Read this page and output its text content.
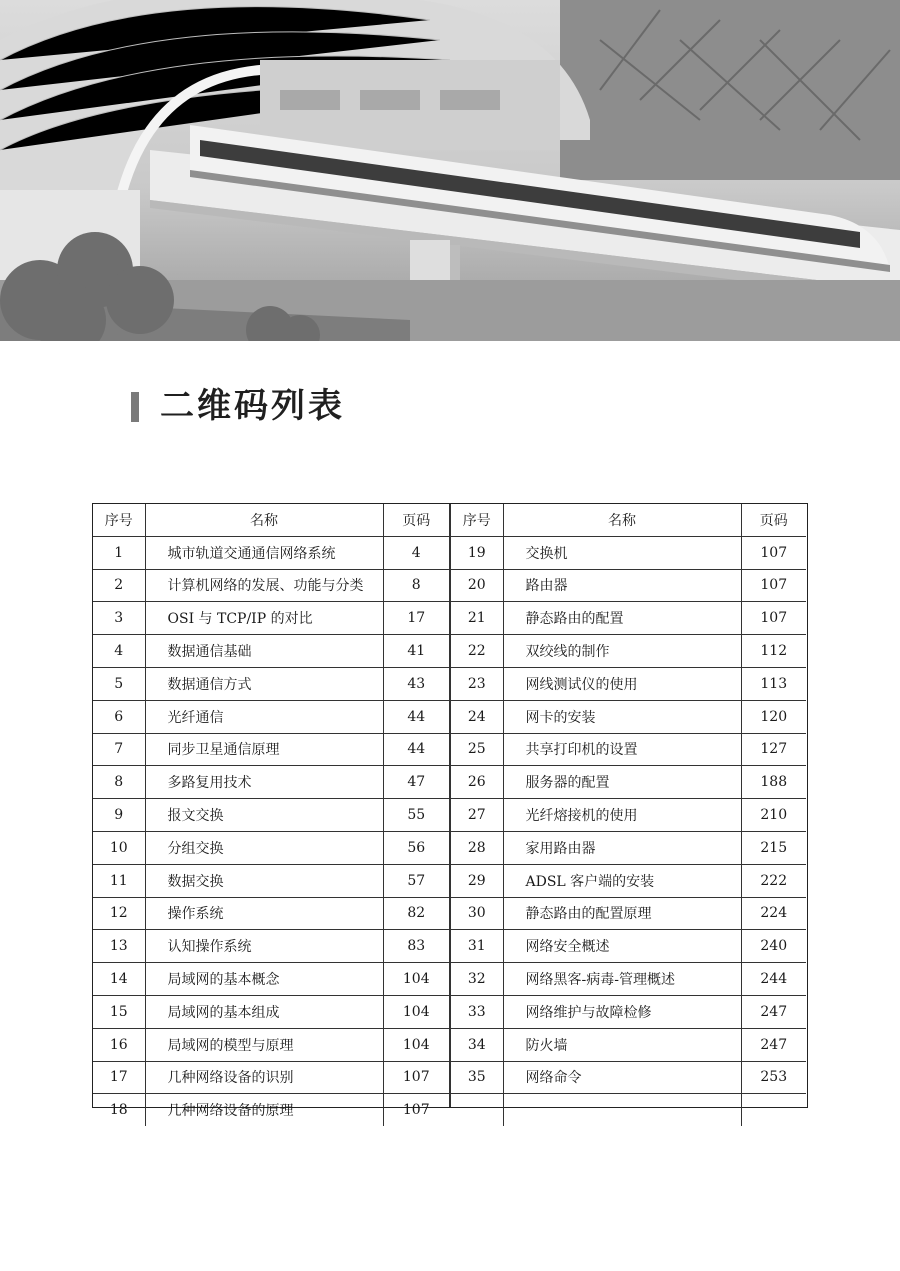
二维码列表
序号	名称	页码
1	城市轨道交通通信网络系统	4
2	计算机网络的发展、功能与分类	8
3	OSI 与 TCP/IP 的对比	17
4	数据通信基础	41
5	数据通信方式	43
6	光纤通信	44
7	同步卫星通信原理	44
8	多路复用技术	47
9	报文交换	55
10	分组交换	56
11	数据交换	57
12	操作系统	82
13	认知操作系统	83
14	局域网的基本概念	104
15	局域网的基本组成	104
16	局域网的模型与原理	104
17	几种网络设备的识别	107
18	几种网络设备的原理	107
序号	名称	页码
19	交换机	107
20	路由器	107
21	静态路由的配置	107
22	双绞线的制作	112
23	网线测试仪的使用	113
24	网卡的安装	120
25	共享打印机的设置	127
26	服务器的配置	188
27	光纤熔接机的使用	210
28	家用路由器	215
29	ADSL 客户端的安装	222
30	静态路由的配置原理	224
31	网络安全概述	240
32	网络黑客-病毒-管理概述	244
33	网络维护与故障检修	247
34	防火墙	247
35	网络命令	253
